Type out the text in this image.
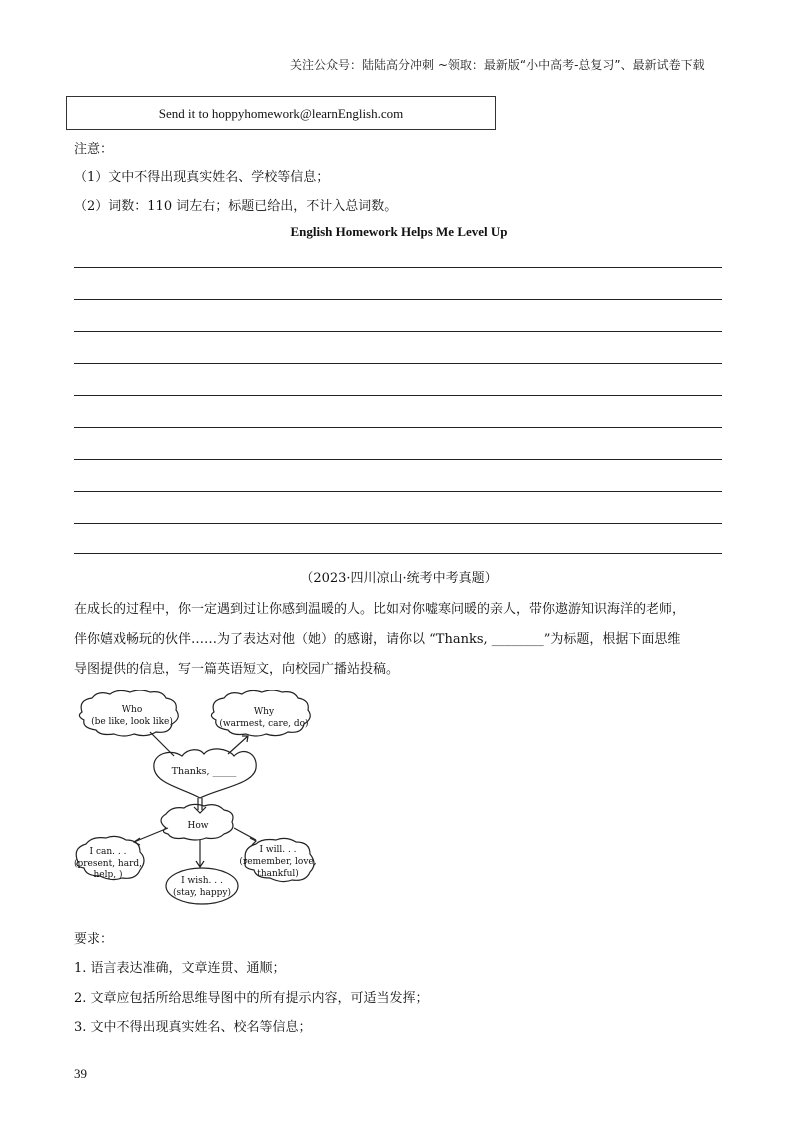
关注公众号：陆陆高分冲刺 ~领取：最新版“小中高考-总复习”、最新试卷下载
Send it to hoppyhomework@learnEnglish.com
注意：
（1）文中不得出现真实姓名、学校等信息；
（2）词数：110 词左右；标题已给出，不计入总词数。
English Homework Helps Me Level Up
（2023·四川凉山·统考中考真题）
在成长的过程中，你一定遇到过让你感到温暖的人。比如对你嘘寒问暖的亲人，带你遨游知识海洋的老师，
伴你嬉戏畅玩的伙伴……为了表达对他（她）的感谢，请你以 “Thanks, ________”为标题，根据下面思维
导图提供的信息，写一篇英语短文，向校园广播站投稿。
Who
(be like, look like)
Why
(warmest, care, do)
Thanks, _____
How
I can. . .
(present, hard,
help, )
I wish. . .
(stay, happy)
I will. . .
(remember, love,
thankful)
要求：
1. 语言表达准确，文章连贯、通顺；
2. 文章应包括所给思维导图中的所有提示内容，可适当发挥；
3. 文中不得出现真实姓名、校名等信息；
39
